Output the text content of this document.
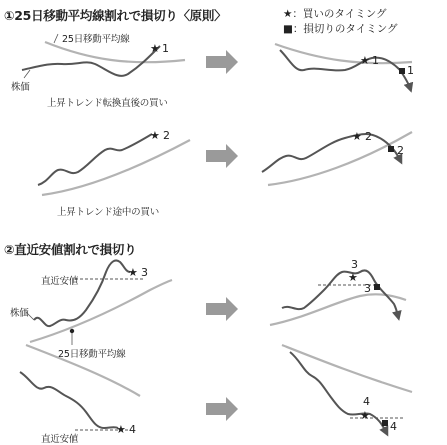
①25日移動平均線割れで損切り〈原則〉
②直近安値割れで損切り
★：買いのタイミング
■：損切りのタイミング
25日移動平均線
株価
上昇トレンド転換直後の買い
上昇トレンド途中の買い
直近安値
株価
25日移動平均線
直近安値
★ 1
★ 1
1
★ 2	★ 2
2
★ 3
3
★
3
★ 4
4
★
4
